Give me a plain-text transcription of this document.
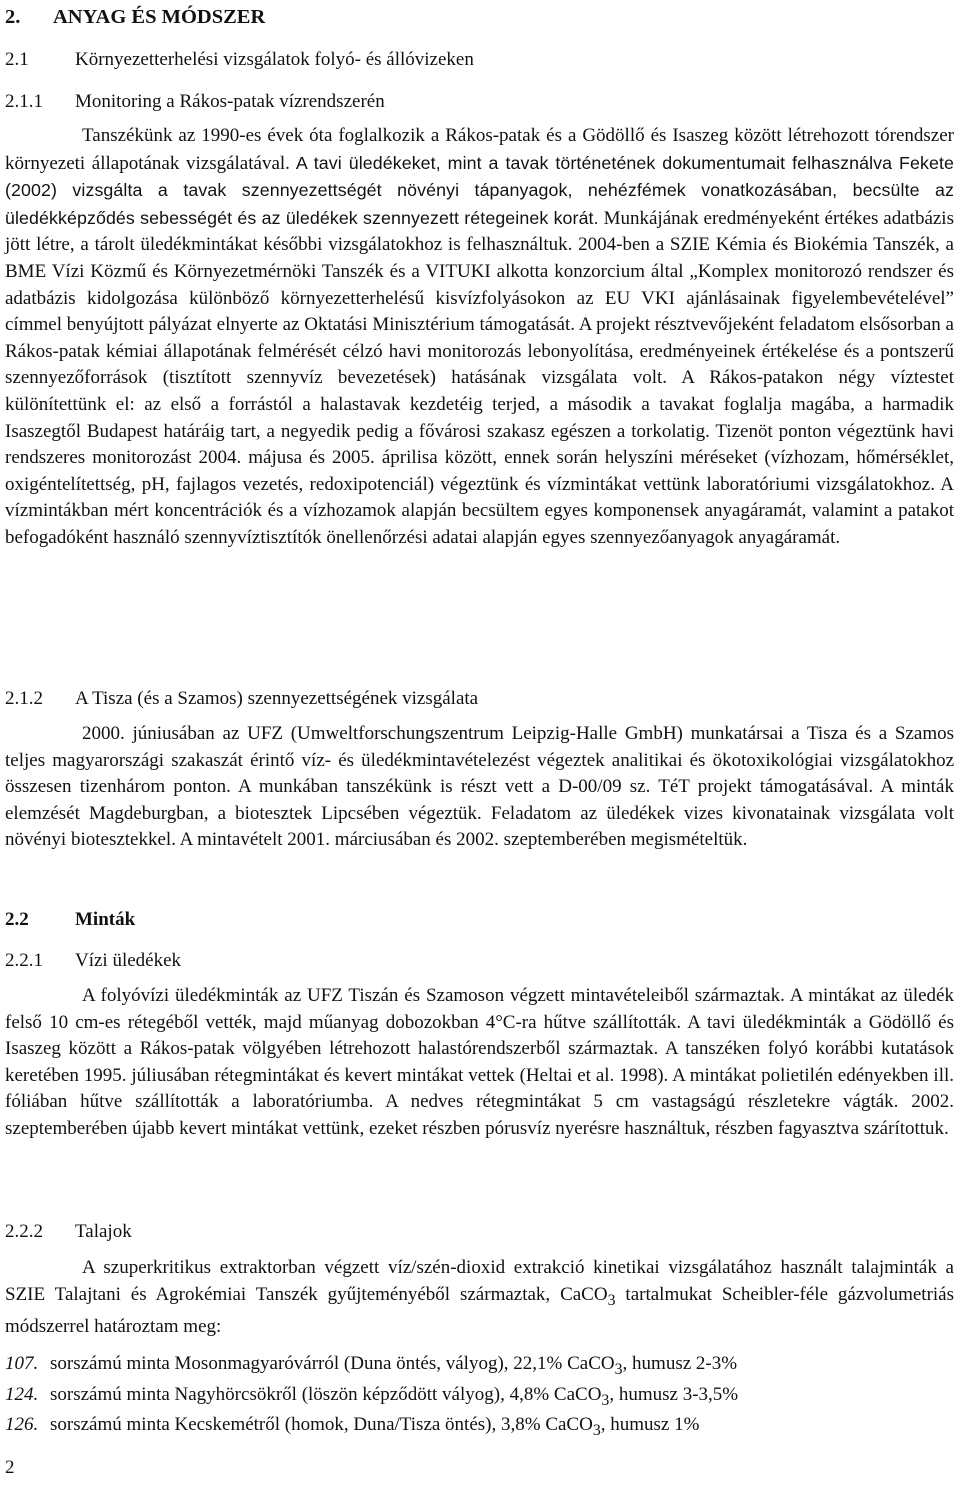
2. ANYAG ÉS MÓDSZER
2.1 Környezetterhelési vizsgálatok folyó- és állóvizeken
2.1.1 Monitoring a Rákos-patak vízrendszerén

Tanszékünk az 1990-es évek óta foglalkozik a Rákos-patak és a Gödöllő és Isaszeg között létrehozott tórendszer környezeti állapotának vizsgálatával. A tavi üledékeket, mint a tavak történetének dokumentumait felhasználva Fekete (2002) vizsgálta a tavak szennyezettségét növényi tápanyagok, nehézfémek vonatkozásában, becsülte az üledékképződés sebességét és az üledékek szennyezett rétegeinek korát. Munkájának eredményeként értékes adatbázis jött létre, a tárolt üledékmintákat későbbi vizsgálatokhoz is felhasználtuk. 2004-ben a SZIE Kémia és Biokémia Tanszék, a BME Vízi Közmű és Környezetmérnöki Tanszék és a VITUKI alkotta konzorcium által „Komplex monitorozó rendszer és adatbázis kidolgozása különböző környezetterhelésű kisvízfolyásokon az EU VKI ajánlásainak figyelembevételével” címmel benyújtott pályázat elnyerte az Oktatási Minisztérium támogatását. A projekt résztvevőjeként feladatom elsősorban a Rákos-patak kémiai állapotának felmérését célzó havi monitorozás lebonyolítása, eredményeinek értékelése és a pontszerű szennyezőforrások (tisztított szennyvíz bevezetések) hatásának vizsgálata volt. A Rákos-patakon négy víztestet különítettünk el: az első a forrástól a halastavak kezdetéig terjed, a második a tavakat foglalja magába, a harmadik Isaszegtől Budapest határáig tart, a negyedik pedig a fővárosi szakasz egészen a torkolatig. Tizenöt ponton végeztünk havi rendszeres monitorozást 2004. májusa és 2005. áprilisa között, ennek során helyszíni méréseket (vízhozam, hőmérséklet, oxigéntelítettség, pH, fajlagos vezetés, redoxipotenciál) végeztünk és vízmintákat vettünk laboratóriumi vizsgálatokhoz. A vízmintákban mért koncentrációk és a vízhozamok alapján becsültem egyes komponensek anyagáramát, valamint a patakot befogadóként használó szennyvíztisztítók önellenőrzési adatai alapján egyes szennyezőanyagok anyagáramát.

2.1.2 A Tisza (és a Szamos) szennyezettségének vizsgálata

2000. júniusában az UFZ (Umweltforschungszentrum Leipzig-Halle GmbH) munkatársai a Tisza és a Szamos teljes magyarországi szakaszát érintő víz- és üledékmintavételezést végeztek analitikai és ökotoxikológiai vizsgálatokhoz összesen tizenhárom ponton. A munkában tanszékünk is részt vett a D-00/09 sz. TéT projekt támogatásával. A minták elemzését Magdeburgban, a biotesztek Lipcsében végeztük. Feladatom az üledékek vizes kivonatainak vizsgálata volt növényi biotesztekkel. A mintavételt 2001. márciusában és 2002. szeptemberében megismételtük.

2.2 Minták
2.2.1 Vízi üledékek

A folyóvízi üledékminták az UFZ Tiszán és Szamoson végzett mintavételeiből származtak. A mintákat az üledék felső 10 cm-es rétegéből vették, majd műanyag dobozokban 4°C-ra hűtve szállították. A tavi üledékminták a Gödöllő és Isaszeg között a Rákos-patak völgyében létrehozott halastórendszerből származtak. A tanszéken folyó korábbi kutatások keretében 1995. júliusában rétegmintákat és kevert mintákat vettek (Heltai et al. 1998). A mintákat polietilén edényekben ill. fóliában hűtve szállították a laboratóriumba. A nedves rétegmintákat 5 cm vastagságú részletekre vágták. 2002. szeptemberében újabb kevert mintákat vettünk, ezeket részben pórusvíz nyerésre használtuk, részben fagyasztva szárítottuk.

2.2.2 Talajok

A szuperkritikus extraktorban végzett víz/szén-dioxid extrakció kinetikai vizsgálatához használt talajminták a SZIE Talajtani és Agrokémiai Tanszék gyűjteményéből származtak, CaCO$_3$ tartalmukat Scheibler-féle gázvolumetriás módszerrel határoztam meg:

107. sorszámú minta Mosonmagyaróvárról (Duna öntés, vályog), 22,1% CaCO$_3$, humusz 2-3%
124. sorszámú minta Nagyhörcsökről (löszön képződött vályog), 4,8% CaCO$_3$, humusz 3-3,5%
126. sorszámú minta Kecskemétről (homok, Duna/Tisza öntés), 3,8% CaCO$_3$, humusz 1%
2
